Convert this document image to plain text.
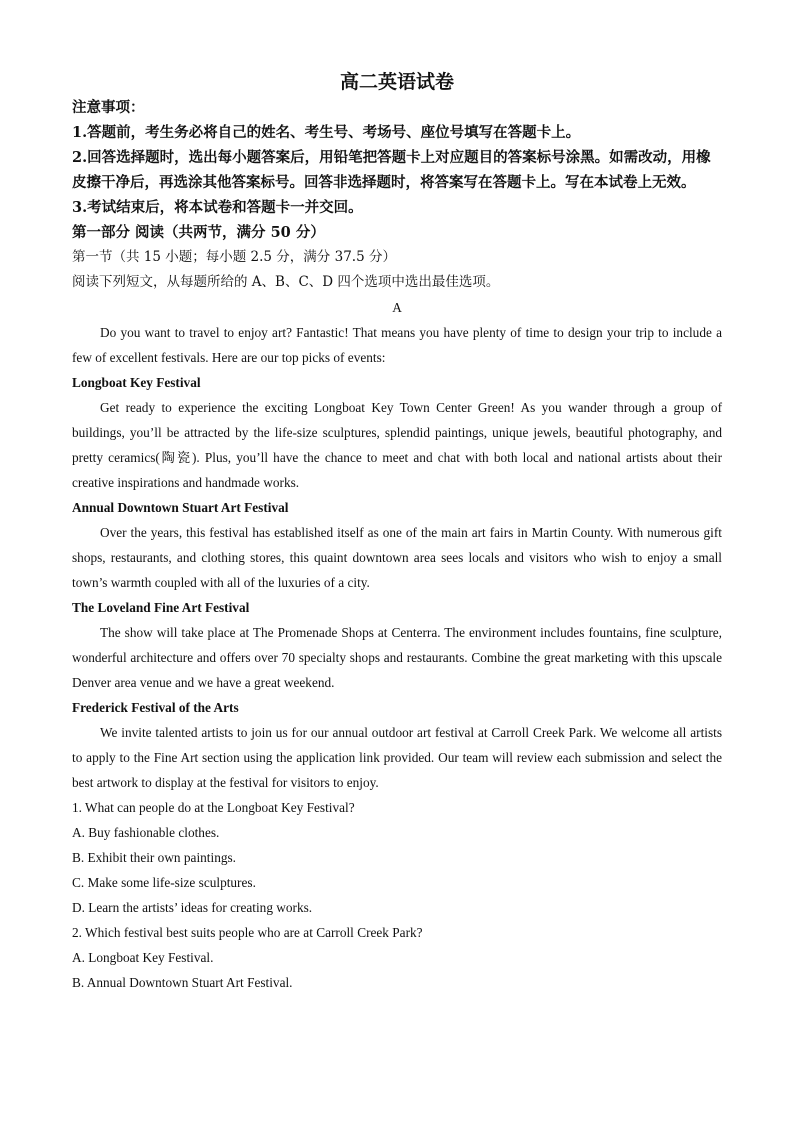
高二英语试卷
注意事项：
1.答题前，考生务必将自己的姓名、考生号、考场号、座位号填写在答题卡上。
2.回答选择题时，选出每小题答案后，用铅笔把答题卡上对应题目的答案标号涂黑。如需改动，用橡皮擦干净后，再选涂其他答案标号。回答非选择题时，将答案写在答题卡上。写在本试卷上无效。
3.考试结束后，将本试卷和答题卡一并交回。
第一部分 阅读（共两节，满分 50 分）
第一节（共 15 小题；每小题 2.5 分，满分 37.5 分）
阅读下列短文，从每题所给的 A、B、C、D 四个选项中选出最佳选项。
A

Do you want to travel to enjoy art? Fantastic! That means you have plenty of time to design your trip to include a few of excellent festivals. Here are our top picks of events:

Longboat Key Festival

Get ready to experience the exciting Longboat Key Town Center Green! As you wander through a group of buildings, you’ll be attracted by the life-size sculptures, splendid paintings, unique jewels, beautiful photography, and pretty ceramics(陶瓷). Plus, you’ll have the chance to meet and chat with both local and national artists about their creative inspirations and handmade works.

Annual Downtown Stuart Art Festival

Over the years, this festival has established itself as one of the main art fairs in Martin County. With numerous gift shops, restaurants, and clothing stores, this quaint downtown area sees locals and visitors who wish to enjoy a small town’s warmth coupled with all of the luxuries of a city.

The Loveland Fine Art Festival

The show will take place at The Promenade Shops at Centerra. The environment includes fountains, fine sculpture, wonderful architecture and offers over 70 specialty shops and restaurants. Combine the great marketing with this upscale Denver area venue and we have a great weekend.

Frederick Festival of the Arts

We invite talented artists to join us for our annual outdoor art festival at Carroll Creek Park. We welcome all artists to apply to the Fine Art section using the application link provided. Our team will review each submission and select the best artwork to display at the festival for visitors to enjoy.

1. What can people do at the Longboat Key Festival?
A. Buy fashionable clothes.
B. Exhibit their own paintings.
C. Make some life-size sculptures.
D. Learn the artists’ ideas for creating works.
2. Which festival best suits people who are at Carroll Creek Park?
A. Longboat Key Festival.
B. Annual Downtown Stuart Art Festival.
